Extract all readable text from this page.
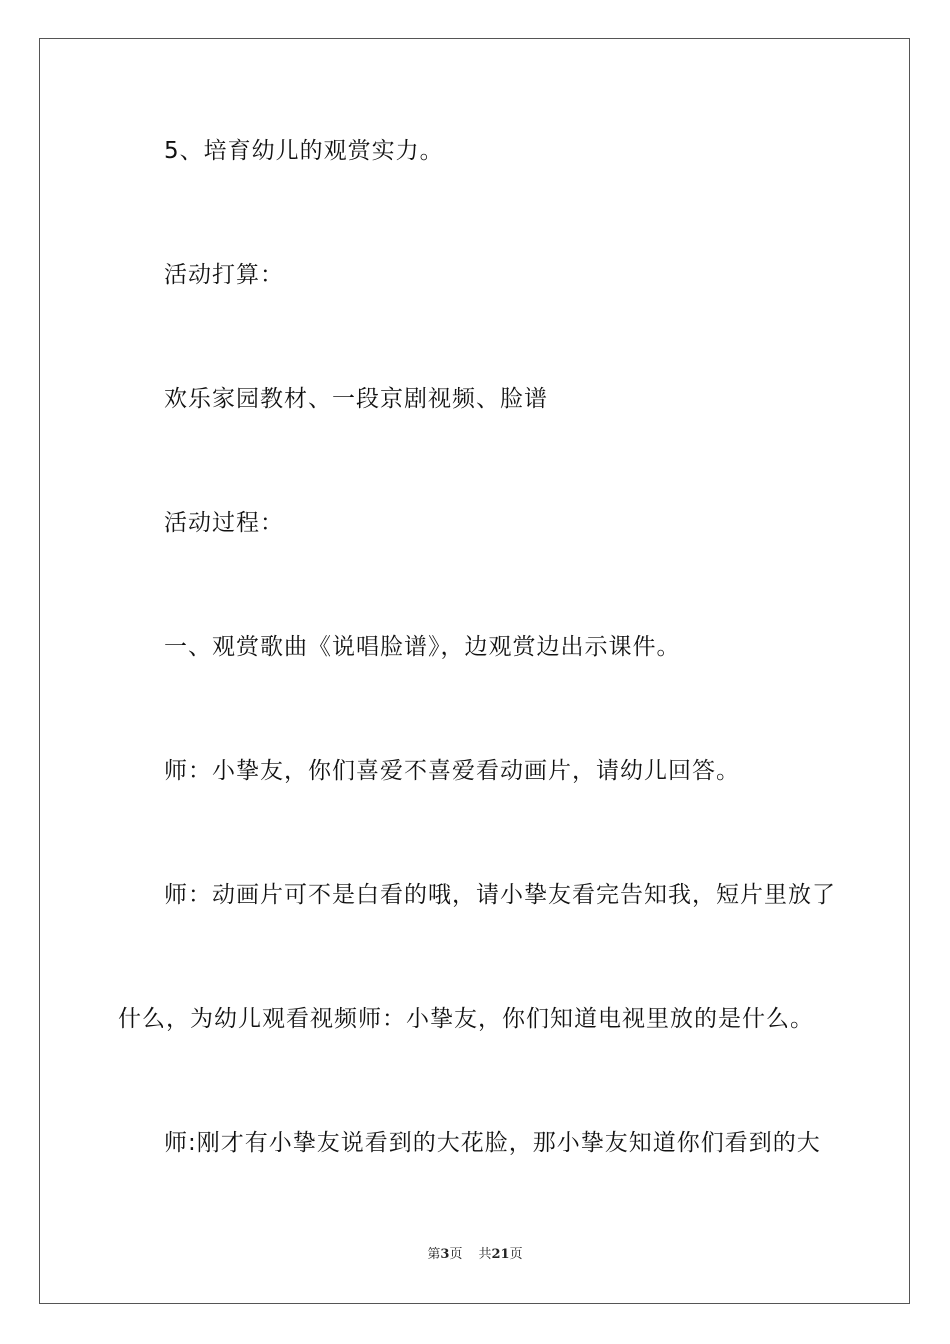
5、培育幼儿的观赏实力。
活动打算：
欢乐家园教材、一段京剧视频、脸谱
活动过程：
一、观赏歌曲《说唱脸谱》，边观赏边出示课件。
师：小挚友，你们喜爱不喜爱看动画片，请幼儿回答。
师：动画片可不是白看的哦，请小挚友看完告知我，短片里放了
什么，为幼儿观看视频师：小挚友，你们知道电视里放的是什么。
师:刚才有小挚友说看到的大花脸，那小挚友知道你们看到的大
第3页 共21页
